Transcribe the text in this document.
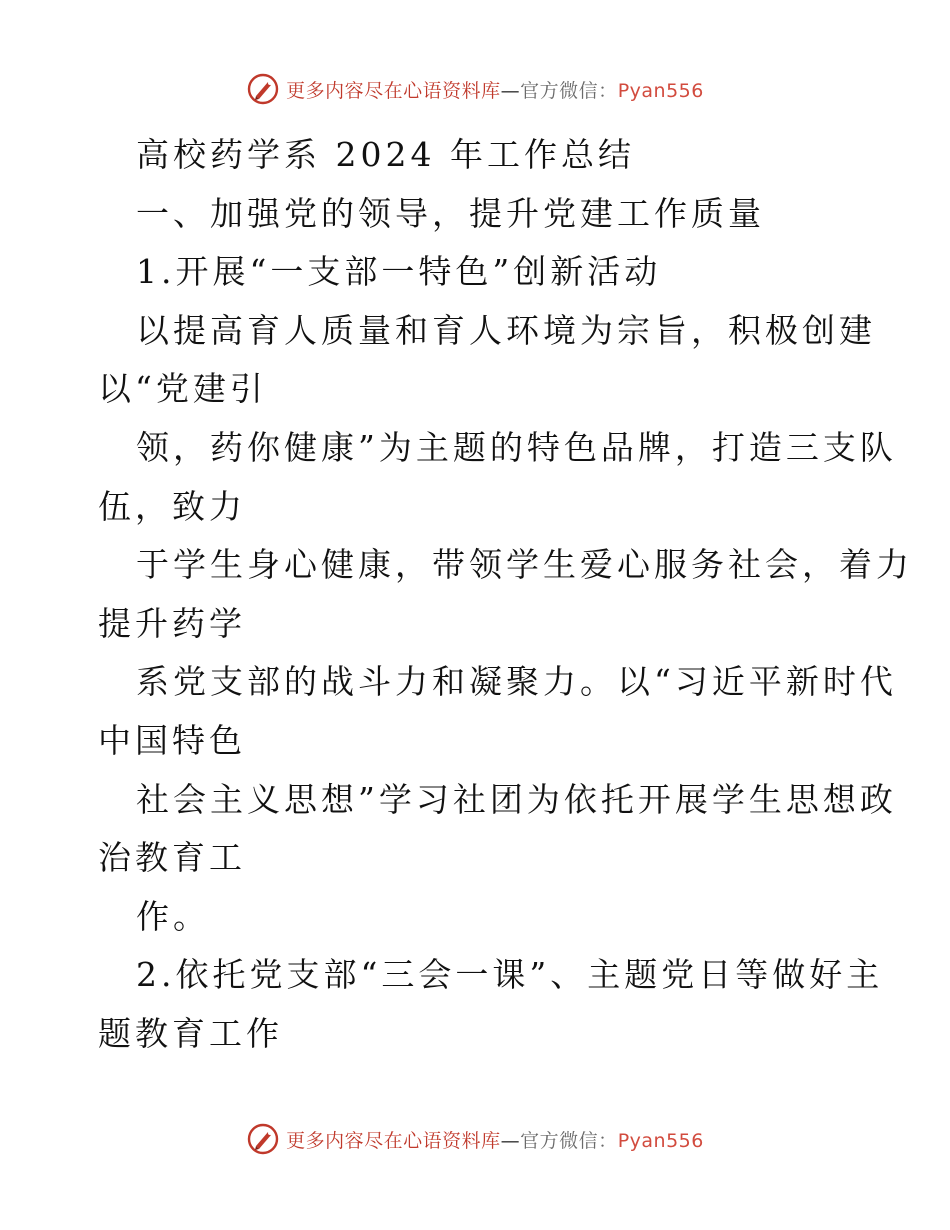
更多内容尽在心语资料库—官方微信：Pyan556
高校药学系 2024 年工作总结
一、加强党的领导，提升党建工作质量
1.开展“一支部一特色”创新活动
以提高育人质量和育人环境为宗旨，积极创建
以“党建引
领，药你健康”为主题的特色品牌，打造三支队
伍，致力
于学生身心健康，带领学生爱心服务社会，着力
提升药学
系党支部的战斗力和凝聚力。以“习近平新时代
中国特色
社会主义思想”学习社团为依托开展学生思想政
治教育工
作。
2.依托党支部“三会一课”、主题党日等做好主
题教育工作
更多内容尽在心语资料库—官方微信：Pyan556
